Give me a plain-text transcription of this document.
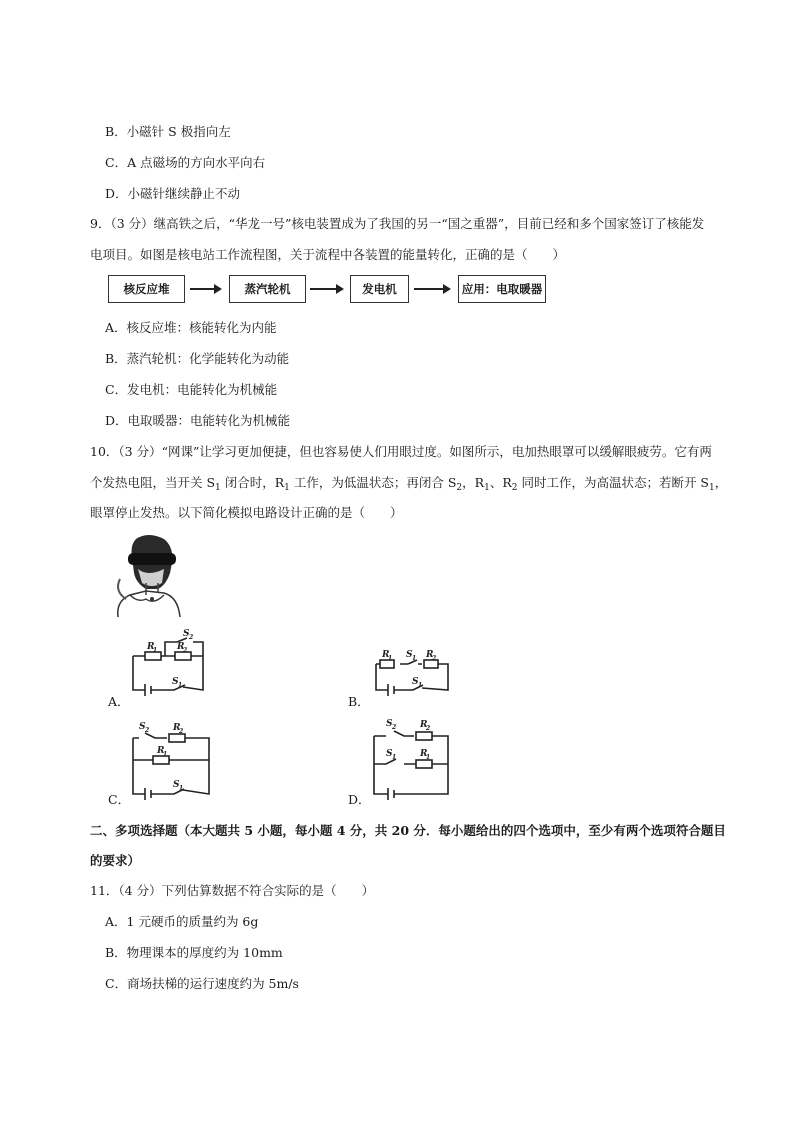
B．小磁针 S 极指向左
C．A 点磁场的方向水平向右
D．小磁针继续静止不动
9．（3 分）继高铁之后，“华龙一号”核电装置成为了我国的另一“国之重器”，目前已经和多个国家签订了核能发
电项目。如图是核电站工作流程图，关于流程中各装置的能量转化，正确的是（　　）
核反应堆	蒸汽轮机	发电机	应用：电取暖器
A．核反应堆：核能转化为内能
B．蒸汽轮机：化学能转化为动能
C．发电机：电能转化为机械能
D．电取暖器：电能转化为机械能
10．（3 分）“网课”让学习更加便捷，但也容易使人们用眼过度。如图所示，电加热眼罩可以缓解眼疲劳。它有两
个发热电阻，当开关 $S_1$ 闭合时，$R_1$ 工作，为低温状态；再闭合 $S_2$，$R_1$、$R_2$ 同时工作，为高温状态；若断开 $S_1$，
眼罩停止发热。以下简化模拟电路设计正确的是（　　）
R
1 R
2
S 2
S 1
A．
R
1 S 1 R
2
S 1
B．
S 2	R
2
R
1
S 1
C．
S 2	R
2
S 1	R
1
D．
二、多项选择题（本大题共 5 小题，每小题 4 分，共 20 分．每小题给出的四个选项中，至少有两个选项符合题目
的要求）
11．（4 分）下列估算数据不符合实际的是（　　）
A．1 元硬币的质量约为 6g
B．物理课本的厚度约为 10mm
C．商场扶梯的运行速度约为 5m/s
